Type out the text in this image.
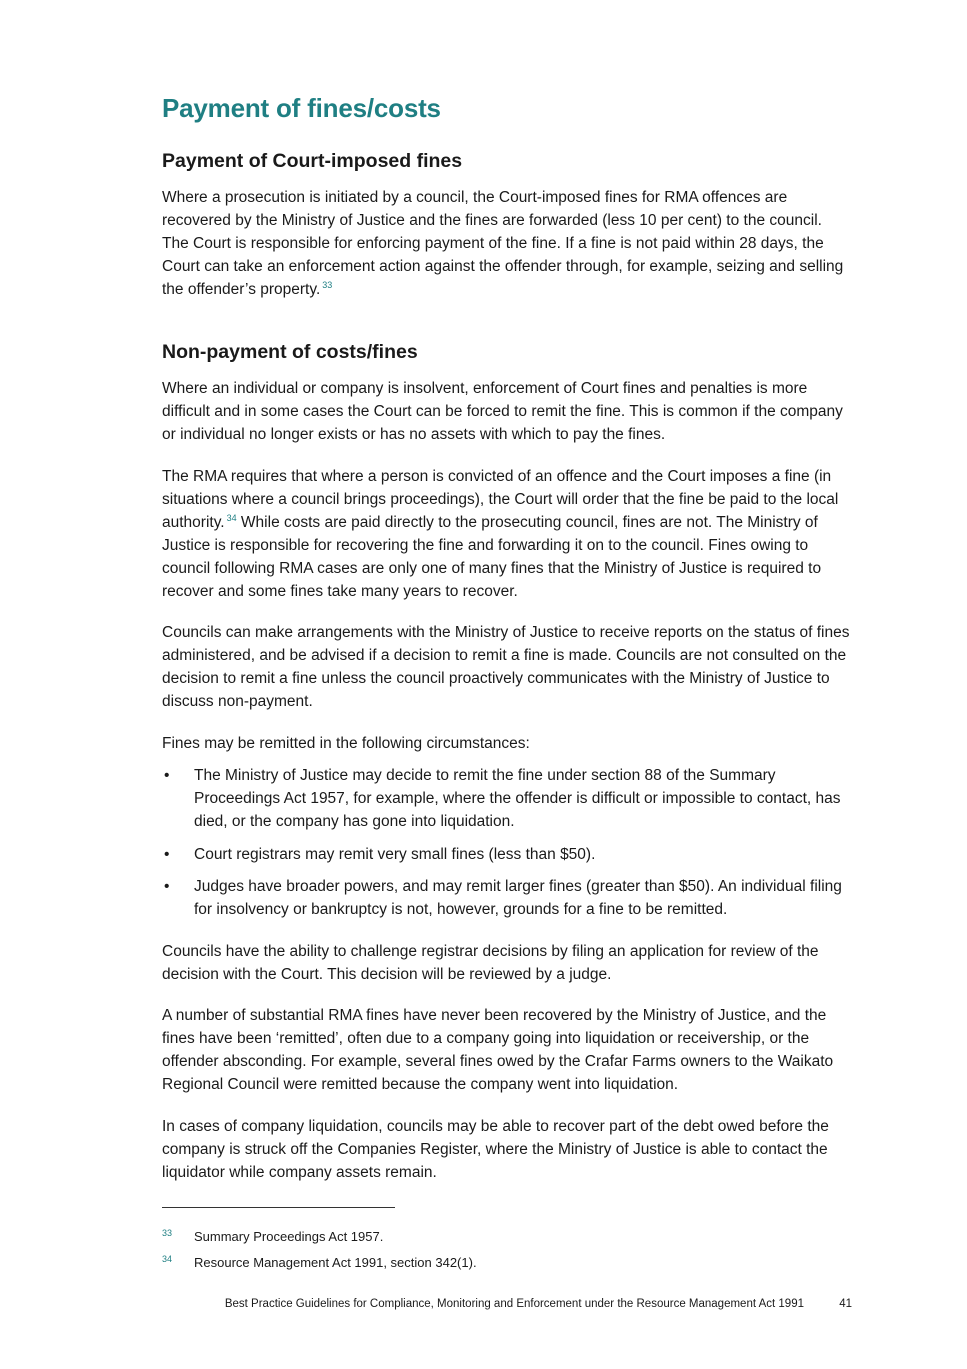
Payment of fines/costs
Payment of Court-imposed fines

Where a prosecution is initiated by a council, the Court-imposed fines for RMA offences are recovered by the Ministry of Justice and the fines are forwarded (less 10 per cent) to the council. The Court is responsible for enforcing payment of the fine. If a fine is not paid within 28 days, the Court can take an enforcement action against the offender through, for example, seizing and selling the offender’s property. $^{33}$

Non-payment of costs/fines

Where an individual or company is insolvent, enforcement of Court fines and penalties is more difficult and in some cases the Court can be forced to remit the fine. This is common if the company or individual no longer exists or has no assets with which to pay the fines.

The RMA requires that where a person is convicted of an offence and the Court imposes a fine (in situations where a council brings proceedings), the Court will order that the fine be paid to the local authority. $^{34}$ While costs are paid directly to the prosecuting council, fines are not. The Ministry of Justice is responsible for recovering the fine and forwarding it on to the council. Fines owing to council following RMA cases are only one of many fines that the Ministry of Justice is required to recover and some fines take many years to recover.

Councils can make arrangements with the Ministry of Justice to receive reports on the status of fines administered, and be advised if a decision to remit a fine is made. Councils are not consulted on the decision to remit a fine unless the council proactively communicates with the Ministry of Justice to discuss non-payment.

Fines may be remitted in the following circumstances:

• The Ministry of Justice may decide to remit the fine under section 88 of the Summary Proceedings Act 1957, for example, where the offender is difficult or impossible to contact, has died, or the company has gone into liquidation.
• Court registrars may remit very small fines (less than $50).
• Judges have broader powers, and may remit larger fines (greater than $50). An individual filing for insolvency or bankruptcy is not, however, grounds for a fine to be remitted.

Councils have the ability to challenge registrar decisions by filing an application for review of the decision with the Court. This decision will be reviewed by a judge.

A number of substantial RMA fines have never been recovered by the Ministry of Justice, and the fines have been ‘remitted’, often due to a company going into liquidation or receivership, or the offender absconding. For example, several fines owed by the Crafar Farms owners to the Waikato Regional Council were remitted because the company went into liquidation.

In cases of company liquidation, councils may be able to recover part of the debt owed before the company is struck off the Companies Register, where the Ministry of Justice is able to contact the liquidator while company assets remain.

33 Summary Proceedings Act 1957.
34 Resource Management Act 1991, section 342(1).
Best Practice Guidelines for Compliance, Monitoring and Enforcement under the Resource Management Act 1991	41
